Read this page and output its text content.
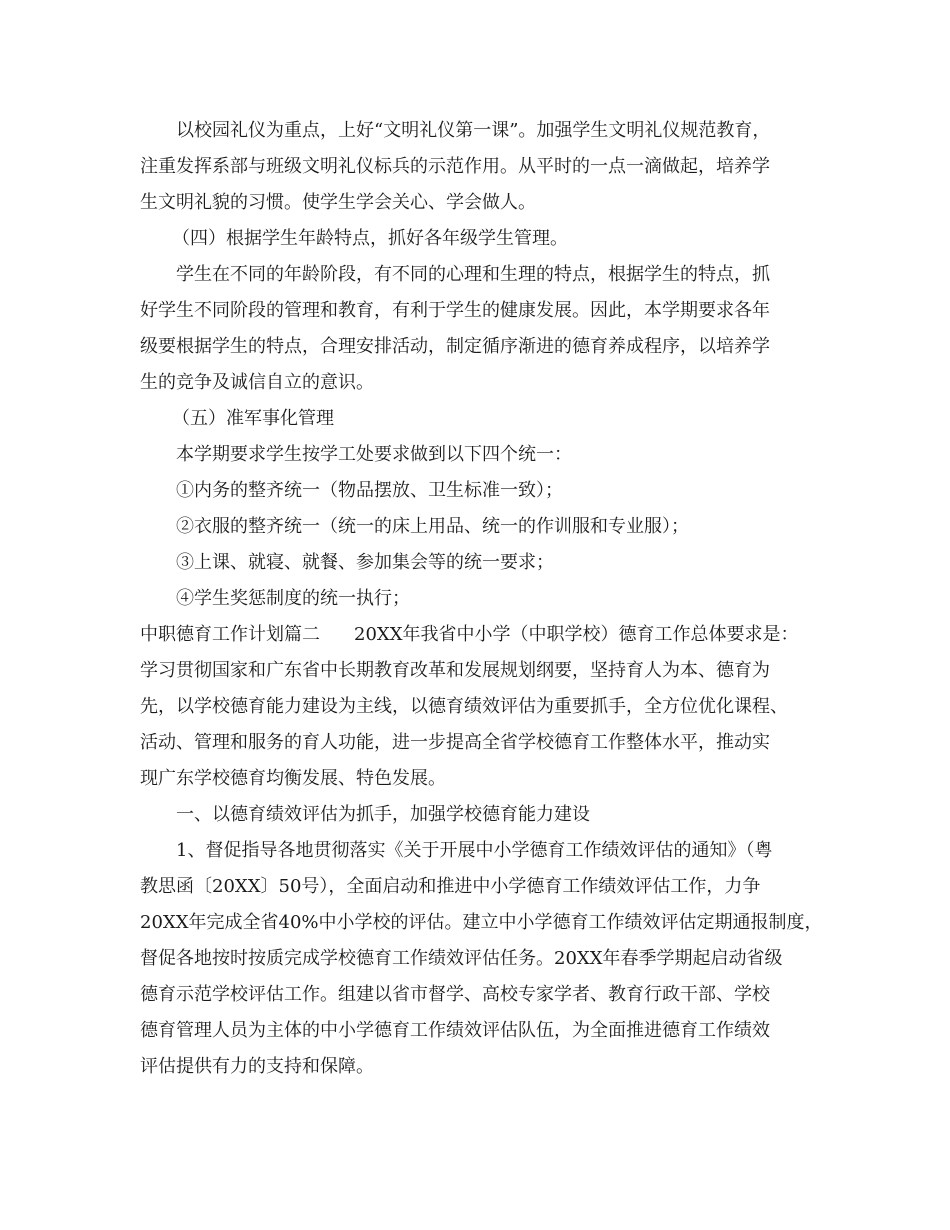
以校园礼仪为重点，上好“文明礼仪第一课”。加强学生文明礼仪规范教育，

注重发挥系部与班级文明礼仪标兵的示范作用。从平时的一点一滴做起，培养学

生文明礼貌的习惯。使学生学会关心、学会做人。

（四）根据学生年龄特点，抓好各年级学生管理。

学生在不同的年龄阶段，有不同的心理和生理的特点，根据学生的特点，抓

好学生不同阶段的管理和教育，有利于学生的健康发展。因此，本学期要求各年

级要根据学生的特点，合理安排活动，制定循序渐进的德育养成程序，以培养学

生的竞争及诚信自立的意识。

（五）准军事化管理

本学期要求学生按学工处要求做到以下四个统一：

①内务的整齐统一（物品摆放、卫生标准一致）；

②衣服的整齐统一（统一的床上用品、统一的作训服和专业服）；

③上课、就寝、就餐、参加集会等的统一要求；

④学生奖惩制度的统一执行；

中职德育工作计划篇二 20XX年我省中小学（中职学校）德育工作总体要求是：

学习贯彻国家和广东省中长期教育改革和发展规划纲要，坚持育人为本、德育为

先，以学校德育能力建设为主线，以德育绩效评估为重要抓手，全方位优化课程、

活动、管理和服务的育人功能，进一步提高全省学校德育工作整体水平，推动实

现广东学校德育均衡发展、特色发展。

一、以德育绩效评估为抓手，加强学校德育能力建设

1、督促指导各地贯彻落实《关于开展中小学德育工作绩效评估的通知》（粤

教思函〔20XX〕50号），全面启动和推进中小学德育工作绩效评估工作，力争

20XX年完成全省40%中小学校的评估。建立中小学德育工作绩效评估定期通报制度，

督促各地按时按质完成学校德育工作绩效评估任务。20XX年春季学期起启动省级

德育示范学校评估工作。组建以省市督学、高校专家学者、教育行政干部、学校

德育管理人员为主体的中小学德育工作绩效评估队伍，为全面推进德育工作绩效

评估提供有力的支持和保障。
